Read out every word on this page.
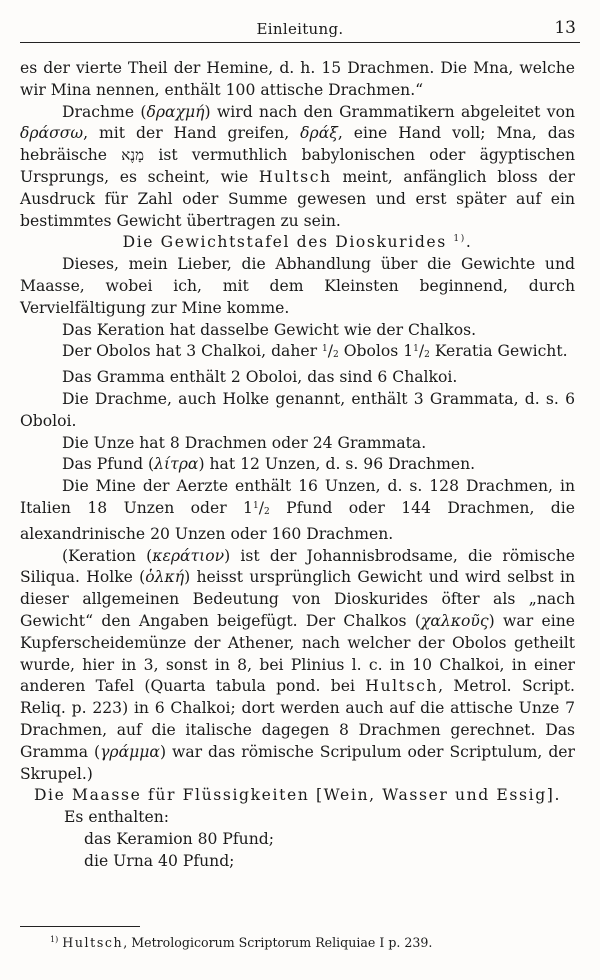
Einleitung.	13

es der vierte Theil der Hemine, d. h. 15 Drachmen. Die Mna, welche wir Mina nennen, enthält 100 attische Drachmen.“

Drachme (δραχμή) wird nach den Grammatikern abgeleitet von δράσσω, mit der Hand greifen, δράξ, eine Hand voll; Mna, das hebräische מָנֶא ist vermuthlich babylonischen oder ägyptischen Ursprungs, es scheint, wie Hultsch meint, anfänglich bloss der Ausdruck für Zahl oder Summe gewesen und erst später auf ein bestimmtes Gewicht übertragen zu sein.

Die Gewichtstafel des Dioskurides $^{1)}$.

Dieses, mein Lieber, die Abhandlung über die Gewichte und Maasse, wobei ich, mit dem Kleinsten beginnend, durch Vervielfältigung zur Mine komme.

Das Keration hat dasselbe Gewicht wie der Chalkos.

Der Obolos hat 3 Chalkoi, daher $^1/_2$ Obolos $1^1/_2$ Keratia Gewicht.

Das Gramma enthält 2 Oboloi, das sind 6 Chalkoi.

Die Drachme, auch Holke genannt, enthält 3 Grammata, d. s. 6 Oboloi.

Die Unze hat 8 Drachmen oder 24 Grammata.

Das Pfund (λίτρα) hat 12 Unzen, d. s. 96 Drachmen.

Die Mine der Aerzte enthält 16 Unzen, d. s. 128 Drachmen, in Italien 18 Unzen oder $1^1/_2$ Pfund oder 144 Drachmen, die alexandrinische 20 Unzen oder 160 Drachmen.

(Keration (κεράτιον) ist der Johannisbrodsame, die römische Siliqua. Holke (ὁλκή) heisst ursprünglich Gewicht und wird selbst in dieser allgemeinen Bedeutung von Dioskurides öfter als „nach Gewicht“ den Angaben beigefügt. Der Chalkos (χαλκοῦς) war eine Kupferscheidemünze der Athener, nach welcher der Obolos getheilt wurde, hier in 3, sonst in 8, bei Plinius l. c. in 10 Chalkoi, in einer anderen Tafel (Quarta tabula pond. bei Hultsch, Metrol. Script. Reliq. p. 223) in 6 Chalkoi; dort werden auch auf die attische Unze 7 Drachmen, auf die italische dagegen 8 Drachmen gerechnet. Das Gramma (γράμμα) war das römische Scripulum oder Scriptulum, der Skrupel.)

Die Maasse für Flüssigkeiten [Wein, Wasser und Essig].

Es enthalten:

das Keramion 80 Pfund;

die Urna 40 Pfund;

$^{1)}$ Hultsch, Metrologicorum Scriptorum Reliquiae I p. 239.
